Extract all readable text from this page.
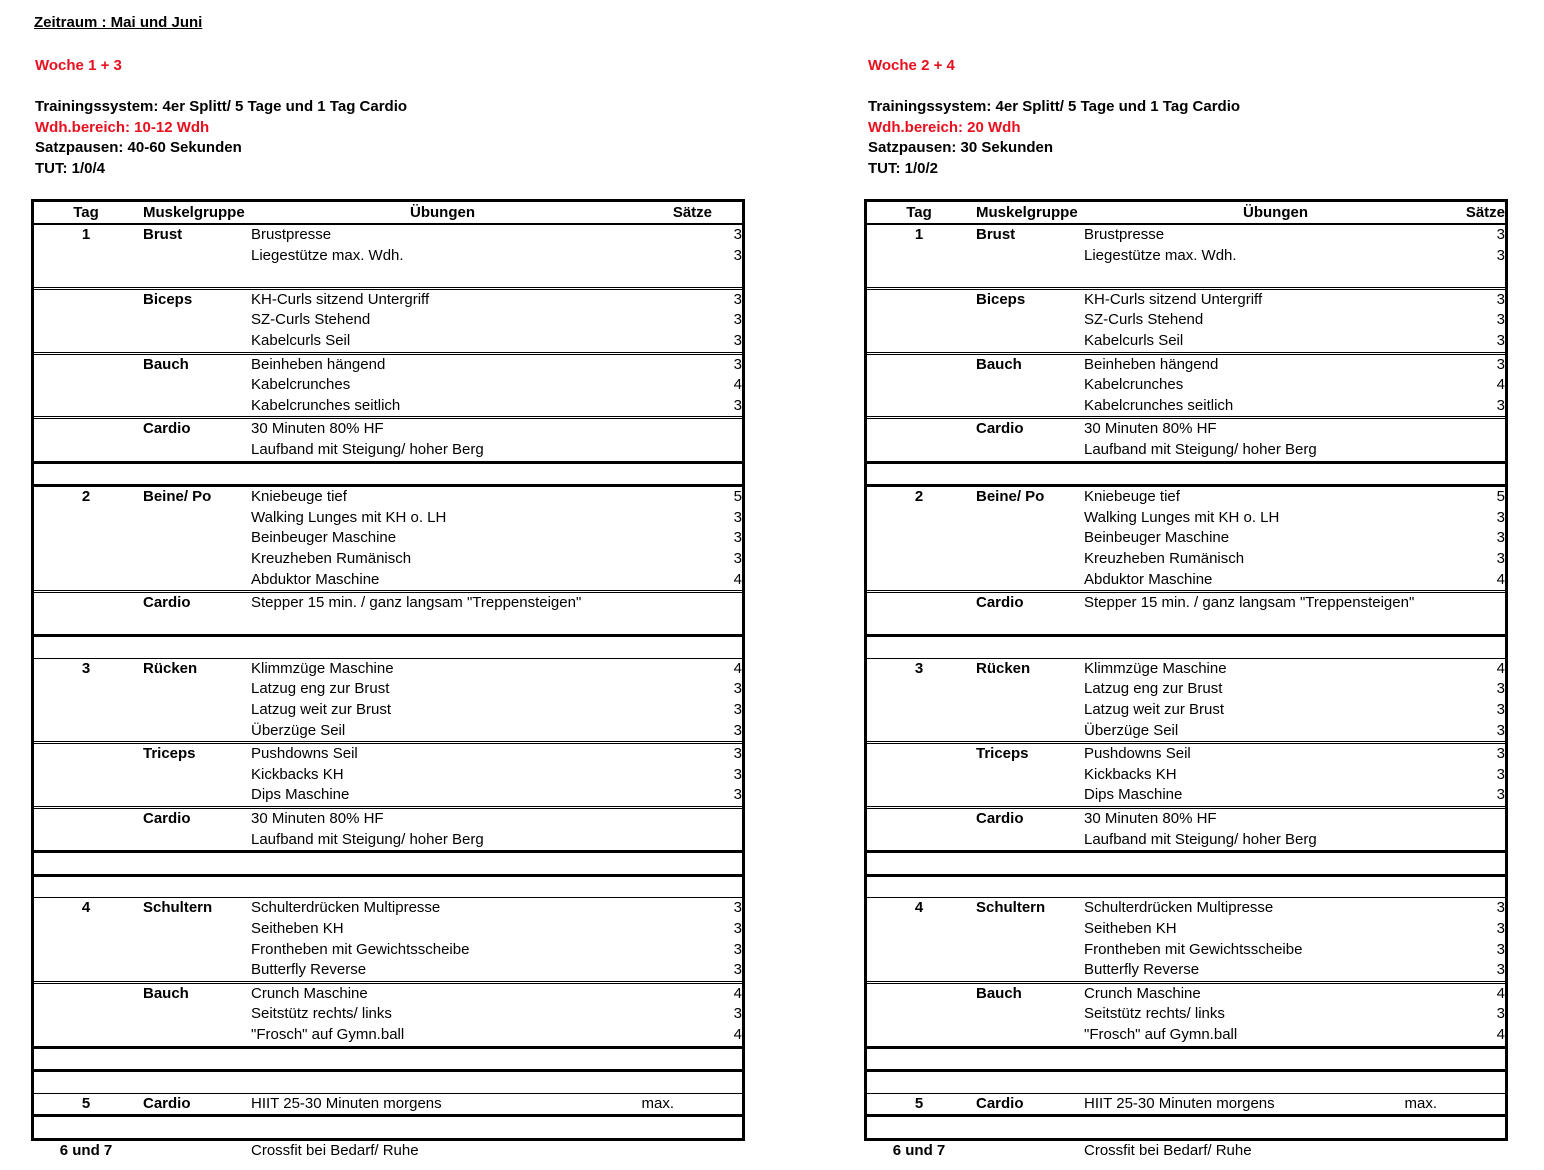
Zeitraum : Mai und Juni
Woche 1 + 3
Trainingssystem: 4er Splitt/ 5 Tage und 1 Tag Cardio
Wdh.bereich: 10-12 Wdh
Satzpausen: 40-60 Sekunden
TUT: 1/0/4
Woche 2 + 4
Trainingssystem: 4er Splitt/ 5 Tage und 1 Tag Cardio
Wdh.bereich: 20 Wdh
Satzpausen: 30 Sekunden
TUT: 1/0/2
Tag	Muskelgruppe	Übungen	Sätze
1	Brust	Brustpresse	3
Liegestütze max. Wdh.	3
Biceps	KH-Curls sitzend Untergriff	3
SZ-Curls Stehend	3
Kabelcurls Seil	3
Bauch	Beinheben hängend	3
Kabelcrunches	4
Kabelcrunches seitlich	3
Cardio	30 Minuten 80% HF
Laufband mit Steigung/ hoher Berg
2	Beine/ Po	Kniebeuge tief	5
Walking Lunges mit KH o. LH	3
Beinbeuger Maschine	3
Kreuzheben Rumänisch	3
Abduktor Maschine	4
Cardio	Stepper 15 min. / ganz langsam "Treppensteigen"
3	Rücken	Klimmzüge Maschine	4
Latzug eng zur Brust	3
Latzug weit zur Brust	3
Überzüge Seil	3
Triceps	Pushdowns Seil	3
Kickbacks KH	3
Dips Maschine	3
Cardio	30 Minuten 80% HF
Laufband mit Steigung/ hoher Berg
4	Schultern	Schulterdrücken Multipresse	3
Seitheben KH	3
Frontheben mit Gewichtsscheibe	3
Butterfly Reverse	3
Bauch	Crunch Maschine	4
Seitstütz rechts/ links	3
"Frosch" auf Gymn.ball	4
5	Cardio	HIIT 25-30 Minuten morgens	max.
6 und 7	Crossfit bei Bedarf/ Ruhe
Tag	Muskelgruppe	Übungen	Sätze
1	Brust	Brustpresse	3
Liegestütze max. Wdh.	3
Biceps	KH-Curls sitzend Untergriff	3
SZ-Curls Stehend	3
Kabelcurls Seil	3
Bauch	Beinheben hängend	3
Kabelcrunches	4
Kabelcrunches seitlich	3
Cardio	30 Minuten 80% HF
Laufband mit Steigung/ hoher Berg
2	Beine/ Po	Kniebeuge tief	5
Walking Lunges mit KH o. LH	3
Beinbeuger Maschine	3
Kreuzheben Rumänisch	3
Abduktor Maschine	4
Cardio	Stepper 15 min. / ganz langsam "Treppensteigen"
3	Rücken	Klimmzüge Maschine	4
Latzug eng zur Brust	3
Latzug weit zur Brust	3
Überzüge Seil	3
Triceps	Pushdowns Seil	3
Kickbacks KH	3
Dips Maschine	3
Cardio	30 Minuten 80% HF
Laufband mit Steigung/ hoher Berg
4	Schultern	Schulterdrücken Multipresse	3
Seitheben KH	3
Frontheben mit Gewichtsscheibe	3
Butterfly Reverse	3
Bauch	Crunch Maschine	4
Seitstütz rechts/ links	3
"Frosch" auf Gymn.ball	4
5	Cardio	HIIT 25-30 Minuten morgens	max.
6 und 7	Crossfit bei Bedarf/ Ruhe
